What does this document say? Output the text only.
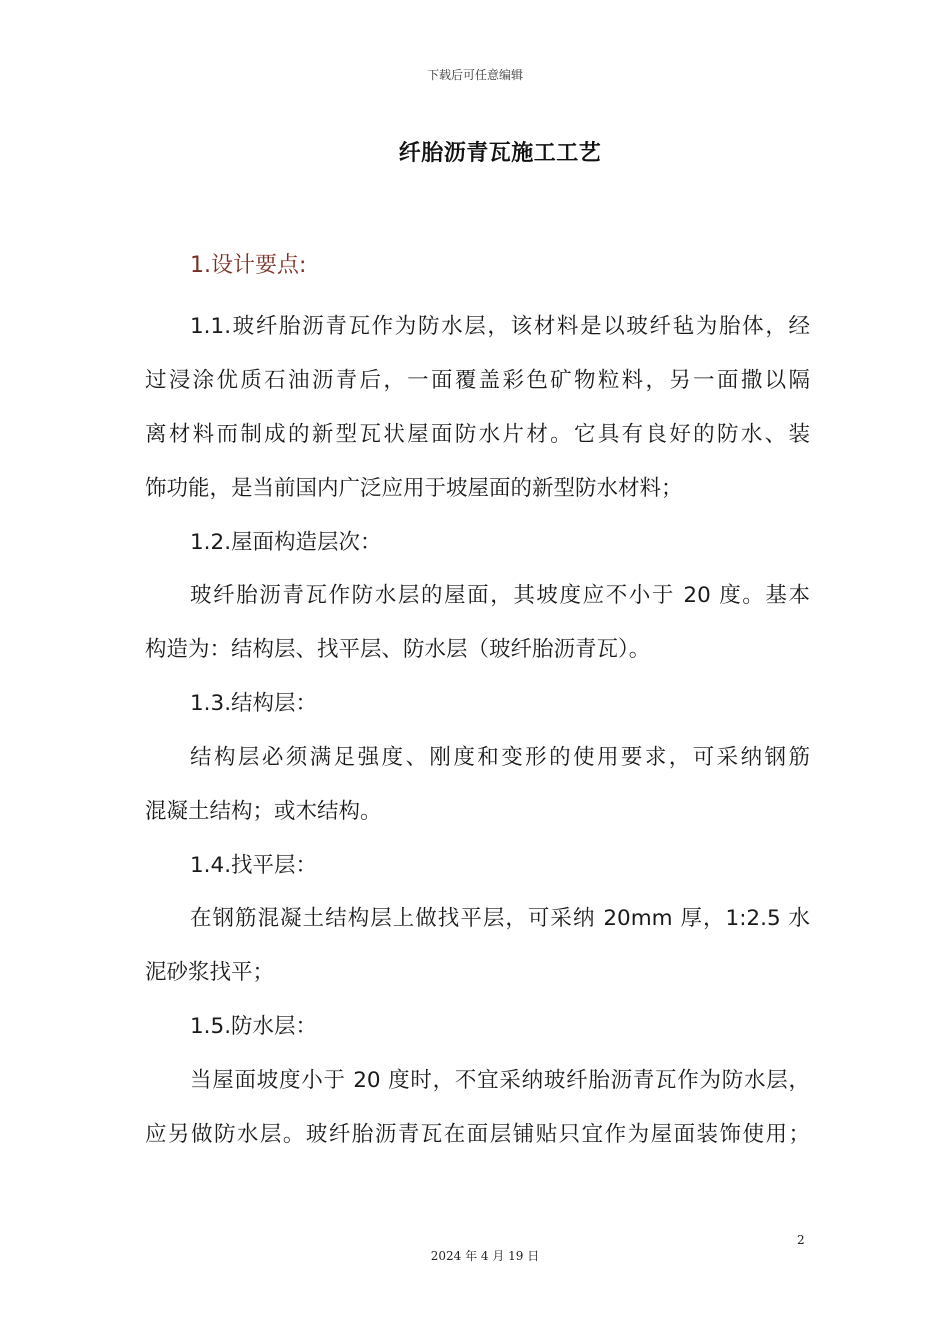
下载后可任意编辑
纤胎沥青瓦施工工艺
1.设计要点:
1.1.玻纤胎沥青瓦作为防水层，该材料是以玻纤毡为胎体，经
过浸涂优质石油沥青后，一面覆盖彩色矿物粒料，另一面撒以隔
离材料而制成的新型瓦状屋面防水片材。它具有良好的防水、装
饰功能，是当前国内广泛应用于坡屋面的新型防水材料；
1.2.屋面构造层次：
玻纤胎沥青瓦作防水层的屋面，其坡度应不小于 20 度。基本
构造为：结构层、找平层、防水层（玻纤胎沥青瓦）。
1.3.结构层：
结构层必须满足强度、刚度和变形的使用要求，可采纳钢筋
混凝土结构；或木结构。
1.4.找平层：
在钢筋混凝土结构层上做找平层，可采纳 20mm 厚，1:2.5 水
泥砂浆找平；
1.5.防水层：
当屋面坡度小于 20 度时，不宜采纳玻纤胎沥青瓦作为防水层，
应另做防水层。玻纤胎沥青瓦在面层铺贴只宜作为屋面装饰使用；
2
2024 年 4 月 19 日
